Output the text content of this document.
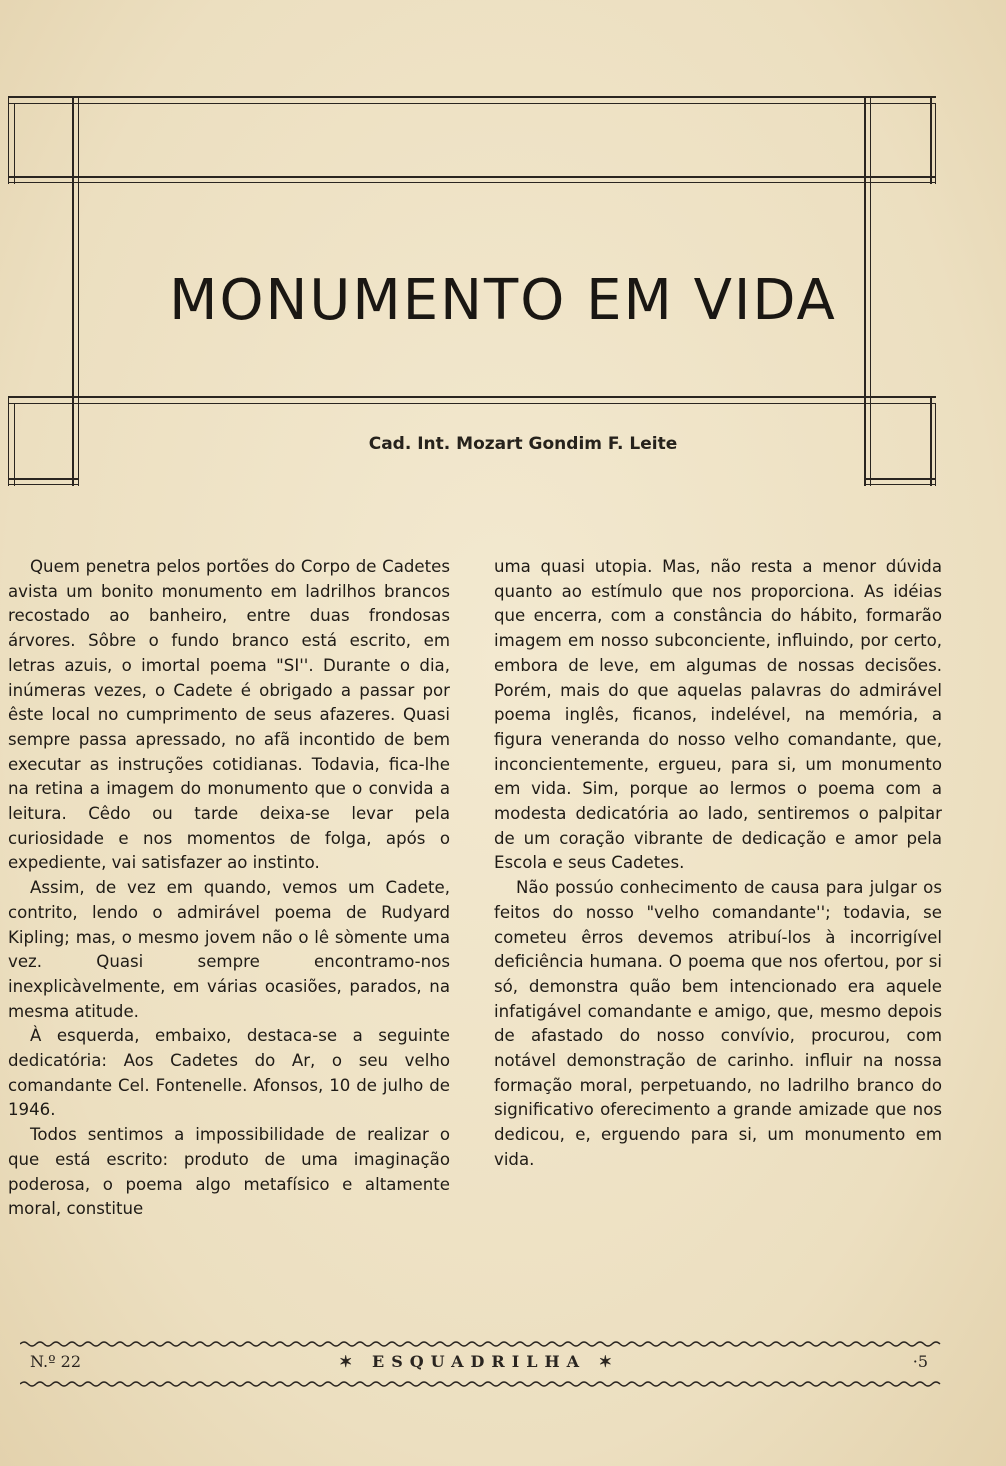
MONUMENTO EM VIDA
Cad. Int. Mozart Gondim F. Leite

Quem penetra pelos portões do Corpo de Cadetes avista um bonito monumento em ladrilhos brancos recostado ao banheiro, entre duas frondosas árvores. Sôbre o fundo branco está escrito, em letras azuis, o imortal poema "SI''. Durante o dia, inúmeras vezes, o Cadete é obrigado a passar por êste local no cumprimento de seus afazeres. Quasi sempre passa apressado, no afã incontido de bem executar as instruções cotidianas. Todavia, fica-lhe na retina a imagem do monumento que o convida a leitura. Cêdo ou tarde deixa-se levar pela curiosidade e nos momentos de folga, após o expediente, vai satisfazer ao instinto.

Assim, de vez em quando, vemos um Cadete, contrito, lendo o admirável poema de Rudyard Kipling; mas, o mesmo jovem não o lê sòmente uma vez. Quasi sempre encontramo-nos inexplicàvelmente, em várias ocasiões, parados, na mesma atitude.

À esquerda, embaixo, destaca-se a seguinte dedicatória: Aos Cadetes do Ar, o seu velho comandante Cel. Fontenelle. Afonsos, 10 de julho de 1946.

Todos sentimos a impossibilidade de realizar o que está escrito: produto de uma imaginação poderosa, o poema algo metafísico e altamente moral, constitue

uma quasi utopia. Mas, não resta a menor dúvida quanto ao estímulo que nos proporciona. As idéias que encerra, com a constância do hábito, formarão imagem em nosso subconciente, influindo, por certo, embora de leve, em algumas de nossas decisões. Porém, mais do que aquelas palavras do admirável poema inglês, ficanos, indelével, na memória, a figura veneranda do nosso velho comandante, que, inconcientemente, ergueu, para si, um monumento em vida. Sim, porque ao lermos o poema com a modesta dedicatória ao lado, sentiremos o palpitar de um coração vibrante de dedicação e amor pela Escola e seus Cadetes.

Não possúo conhecimento de causa para julgar os feitos do nosso "velho comandante''; todavia, se cometeu êrros devemos atribuí-los à incorrigível deficiência humana. O poema que nos ofertou, por si só, demonstra quão bem intencionado era aquele infatigável comandante e amigo, que, mesmo depois de afastado do nosso convívio, procurou, com notável demonstração de carinho. influir na nossa formação moral, perpetuando, no ladrilho branco do significativo oferecimento a grande amizade que nos dedicou, e, erguendo para si, um monumento em vida.

N.º 22	✶ ESQUADRILHA ✶	·5
